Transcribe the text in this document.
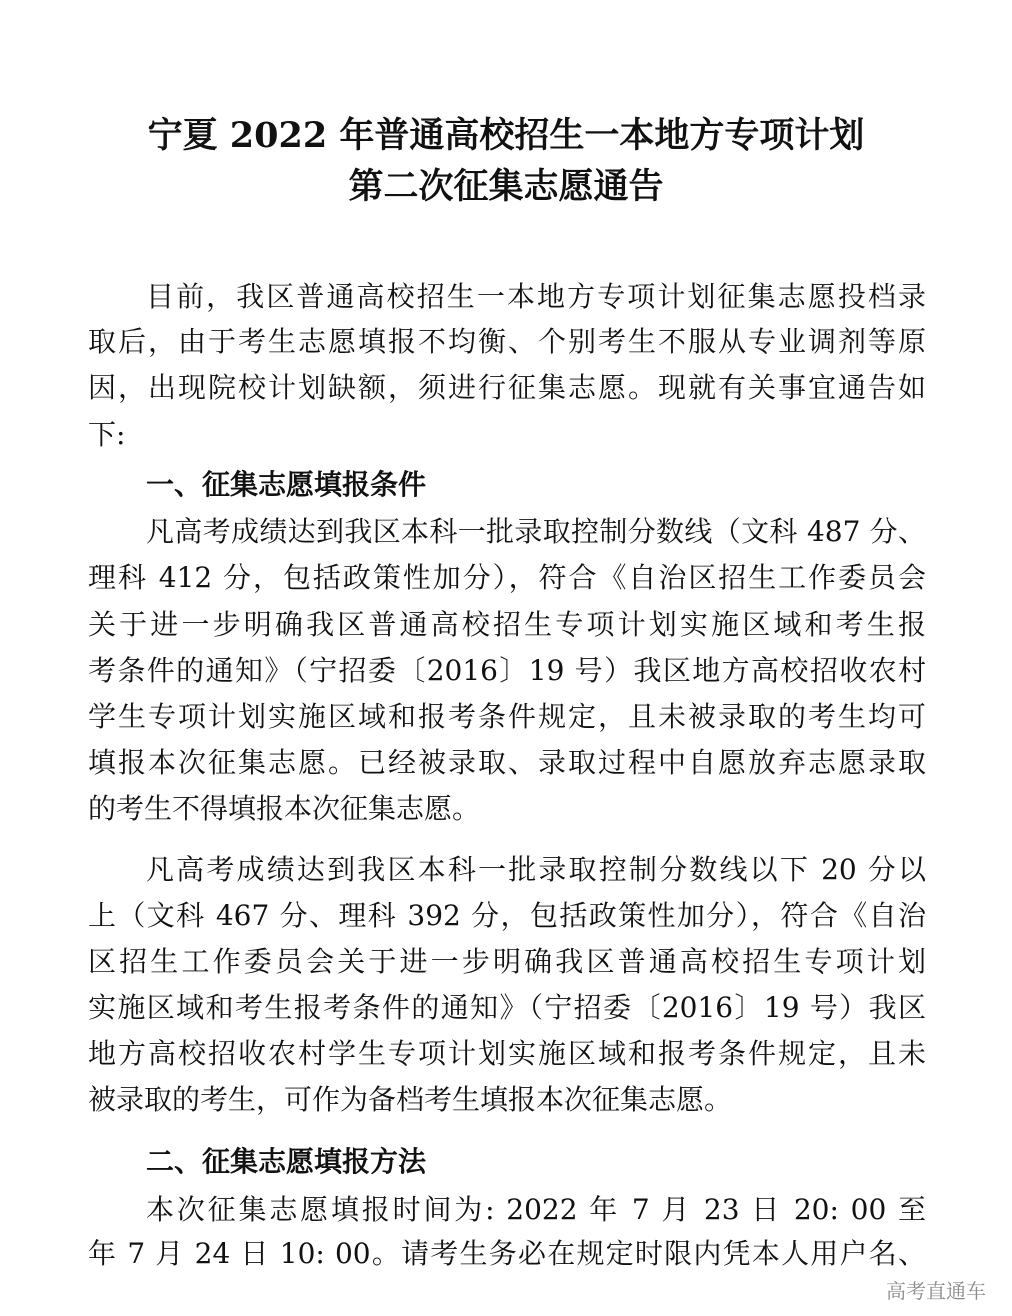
宁夏 2022 年普通高校招生一本地方专项计划
第二次征集志愿通告
目前，我区普通高校招生一本地方专项计划征集志愿投档录
取后，由于考生志愿填报不均衡、个别考生不服从专业调剂等原
因，出现院校计划缺额，须进行征集志愿。现就有关事宜通告如
下:
一、征集志愿填报条件
凡高考成绩达到我区本科一批录取控制分数线（文科 487 分、
理科 412 分，包括政策性加分），符合《自治区招生工作委员会
关于进一步明确我区普通高校招生专项计划实施区域和考生报
考条件的通知》（宁招委〔2016〕19 号）我区地方高校招收农村
学生专项计划实施区域和报考条件规定，且未被录取的考生均可
填报本次征集志愿。已经被录取、录取过程中自愿放弃志愿录取
的考生不得填报本次征集志愿。
凡高考成绩达到我区本科一批录取控制分数线以下 20 分以
上（文科 467 分、理科 392 分，包括政策性加分），符合《自治
区招生工作委员会关于进一步明确我区普通高校招生专项计划
实施区域和考生报考条件的通知》（宁招委〔2016〕19 号）我区
地方高校招收农村学生专项计划实施区域和报考条件规定，且未
被录取的考生，可作为备档考生填报本次征集志愿。
二、征集志愿填报方法
本次征集志愿填报时间为: 2022 年 7 月 23 日 20: 00 至
年 7 月 24 日 10: 00。请考生务必在规定时限内凭本人用户名、
高考直通车
